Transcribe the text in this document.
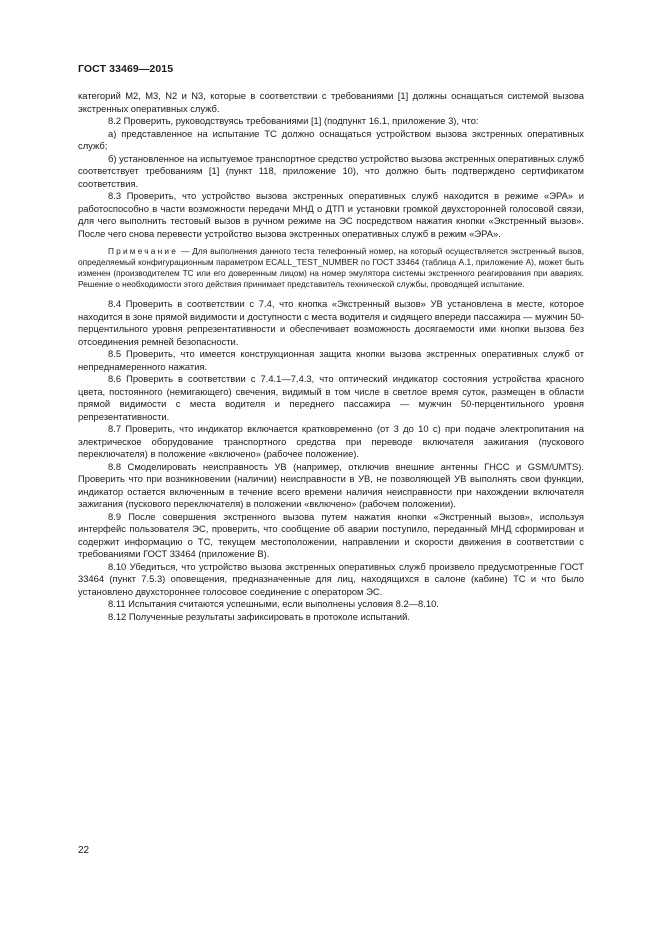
ГОСТ 33469—2015

категорий M2, M3, N2 и N3, которые в соответствии с требованиями [1] должны оснащаться системой вызова экстренных оперативных служб.

8.2 Проверить, руководствуясь требованиями [1] (подпункт 16.1, приложение 3), что:

а) представленное на испытание ТС должно оснащаться устройством вызова экстренных оперативных служб;

б) установленное на испытуемое транспортное средство устройство вызова экстренных оперативных служб соответствует требованиям [1] (пункт 118, приложение 10), что должно быть подтверждено сертификатом соответствия.

8.3 Проверить, что устройство вызова экстренных оперативных служб находится в режиме «ЭРА» и работоспособно в части возможности передачи МНД о ДТП и установки громкой двухсторонней голосовой связи, для чего выполнить тестовый вызов в ручном режиме на ЭС посредством нажатия кнопки «Экстренный вызов». После чего снова перевести устройство вызова экстренных оперативных служб в режим «ЭРА».

Примечание — Для выполнения данного теста телефонный номер, на который осуществляется экстренный вызов, определяемый конфигурационным параметром ECALL_TEST_NUMBER по ГОСТ 33464 (таблица А.1, приложение А), может быть изменен (производителем ТС или его доверенным лицом) на номер эмулятора системы экстренного реагирования при авариях. Решение о необходимости этого действия принимает представитель технической службы, проводящей испытание.

8.4 Проверить в соответствии с 7.4, что кнопка «Экстренный вызов» УВ установлена в месте, которое находится в зоне прямой видимости и доступности с места водителя и сидящего впереди пассажира — мужчин 50-перцентильного уровня репрезентативности и обеспечивает возможность досягаемости ими кнопки вызова без отсоединения ремней безопасности.

8.5 Проверить, что имеется конструкционная защита кнопки вызова экстренных оперативных служб от непреднамеренного нажатия.

8.6 Проверить в соответствии с 7.4.1—7.4.3, что оптический индикатор состояния устройства красного цвета, постоянного (немигающего) свечения, видимый в том числе в светлое время суток, размещен в области прямой видимости с места водителя и переднего пассажира — мужчин 50-перцентильного уровня репрезентативности.

8.7 Проверить, что индикатор включается кратковременно (от 3 до 10 с) при подаче электропитания на электрическое оборудование транспортного средства при переводе включателя зажигания (пускового переключателя) в положение «включено» (рабочее положение).

8.8 Смоделировать неисправность УВ (например, отключив внешние антенны ГНСС и GSM/UMTS). Проверить что при возникновении (наличии) неисправности в УВ, не позволяющей УВ выполнять свои функции, индикатор остается включенным в течение всего времени наличия неисправности при нахождении включателя зажигания (пускового переключателя) в положении «включено» (рабочем положении).

8.9 После совершения экстренного вызова путем нажатия кнопки «Экстренный вызов», используя интерфейс пользователя ЭС, проверить, что сообщение об аварии поступило, переданный МНД сформирован и содержит информацию о ТС, текущем местоположении, направлении и скорости движения в соответствии с требованиями ГОСТ 33464 (приложение В).

8.10 Убедиться, что устройство вызова экстренных оперативных служб произвело предусмотренные ГОСТ 33464 (пункт 7.5.3) оповещения, предназначенные для лиц, находящихся в салоне (кабине) ТС и что было установлено двухстороннее голосовое соединение с оператором ЭС.

8.11 Испытания считаются успешными, если выполнены условия 8.2—8.10.

8.12 Полученные результаты зафиксировать в протоколе испытаний.

22
